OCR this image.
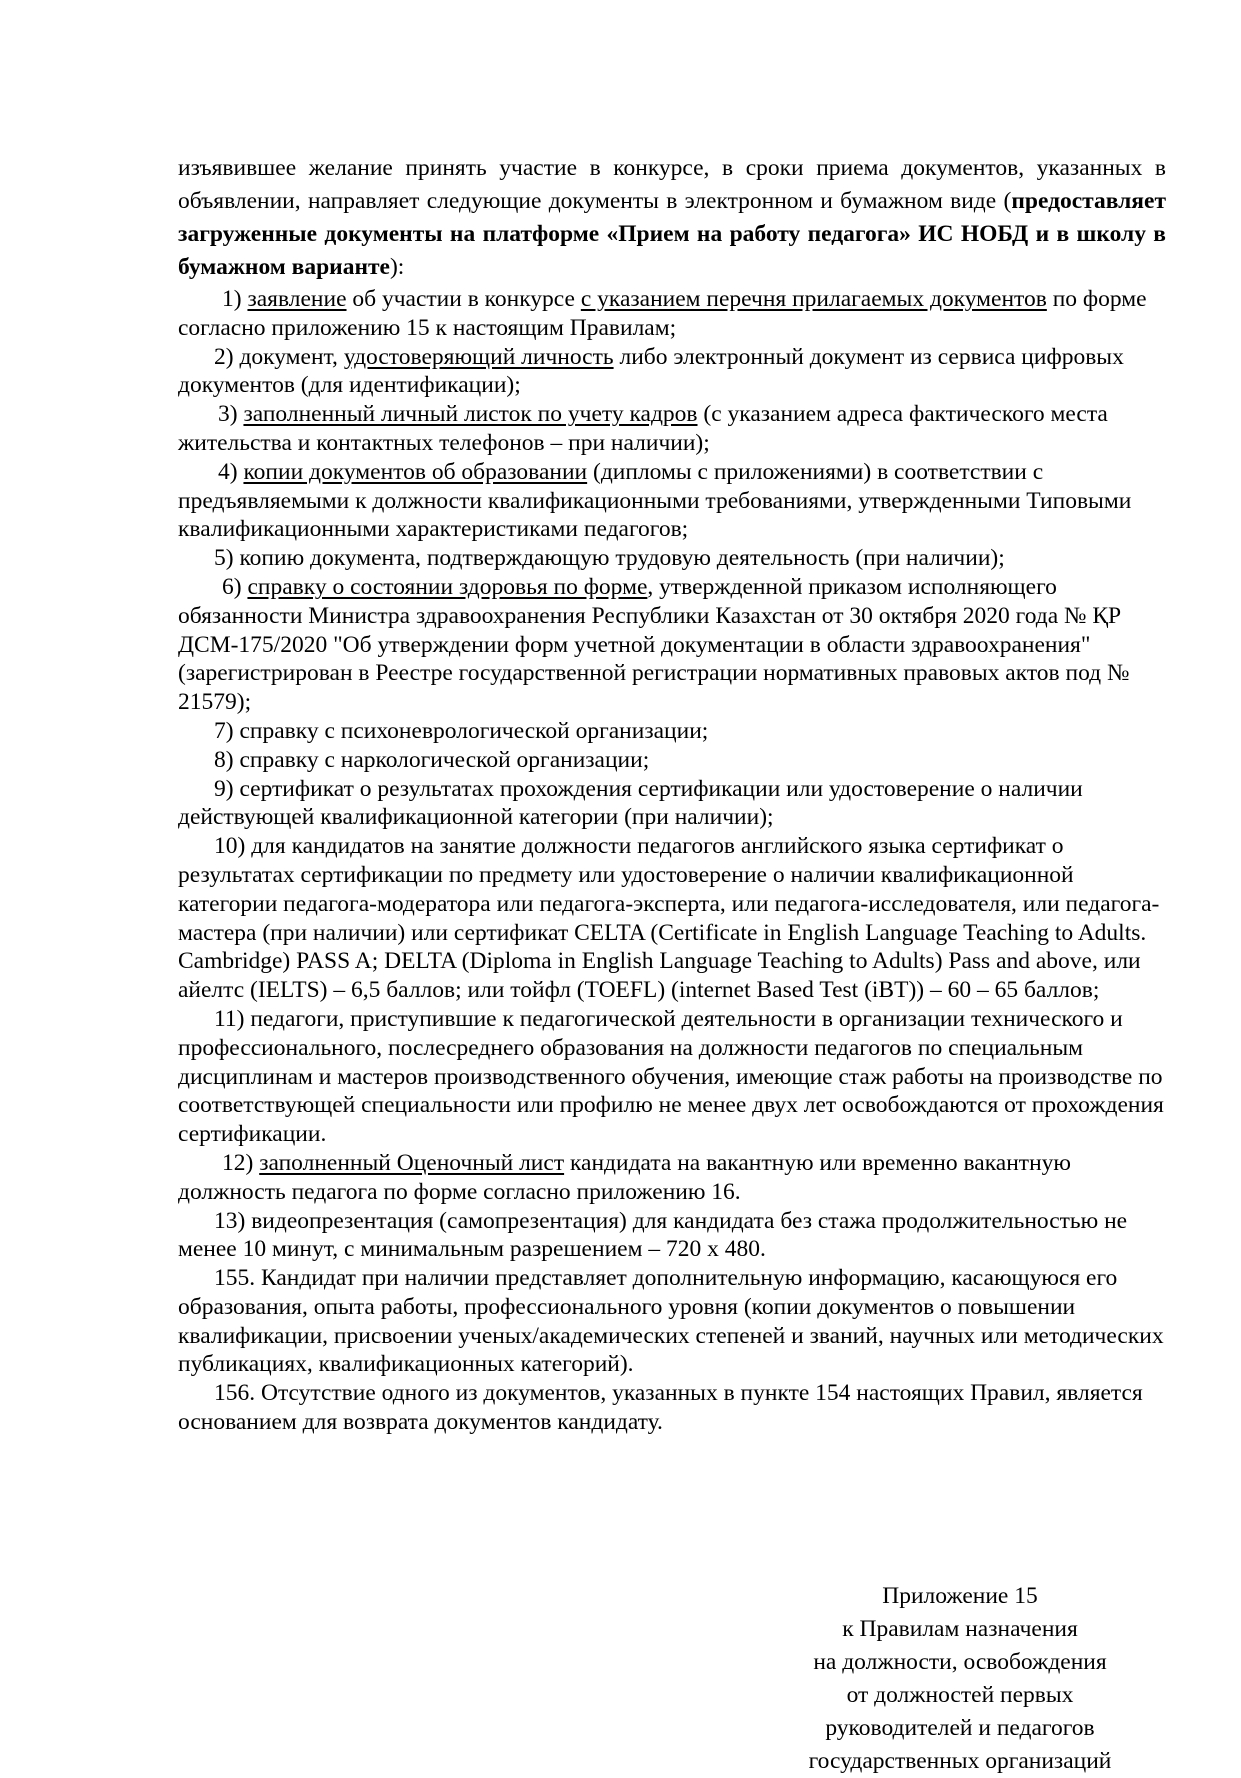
изъявившее желание принять участие в конкурсе, в сроки приема документов, указанных в объявлении, направляет следующие документы в электронном и бумажном виде (предоставляет загруженные документы на платформе «Прием на работу педагога» ИС НОБД и в школу в бумажном варианте):

1) заявление об участии в конкурсе с указанием перечня прилагаемых документов по форме согласно приложению 15 к настоящим Правилам;
2) документ, удостоверяющий личность либо электронный документ из сервиса цифровых документов (для идентификации);
3) заполненный личный листок по учету кадров (с указанием адреса фактического места жительства и контактных телефонов – при наличии);
4) копии документов об образовании (дипломы с приложениями) в соответствии с предъявляемыми к должности квалификационными требованиями, утвержденными Типовыми квалификационными характеристиками педагогов;
5) копию документа, подтверждающую трудовую деятельность (при наличии);
6) справку о состоянии здоровья по форме, утвержденной приказом исполняющего обязанности Министра здравоохранения Республики Казахстан от 30 октября 2020 года № ҚР ДСМ-175/2020 "Об утверждении форм учетной документации в области здравоохранения" (зарегистрирован в Реестре государственной регистрации нормативных правовых актов под № 21579);
7) справку с психоневрологической организации;
8) справку с наркологической организации;
9) сертификат о результатах прохождения сертификации или удостоверение о наличии действующей квалификационной категории (при наличии);
10) для кандидатов на занятие должности педагогов английского языка сертификат о результатах сертификации по предмету или удостоверение о наличии квалификационной категории педагога-модератора или педагога-эксперта, или педагога-исследователя, или педагога-мастера (при наличии) или сертификат CELTA (Certificate in English Language Teaching to Adults. Cambridge) PASS A; DELTA (Diploma in English Language Teaching to Adults) Pass and above, или айелтс (IELTS) – 6,5 баллов; или тойфл (TOEFL) (internet Based Test (iBT)) – 60 – 65 баллов;
11) педагоги, приступившие к педагогической деятельности в организации технического и профессионального, послесреднего образования на должности педагогов по специальным дисциплинам и мастеров производственного обучения, имеющие стаж работы на производстве по соответствующей специальности или профилю не менее двух лет освобождаются от прохождения сертификации.
12) заполненный Оценочный лист кандидата на вакантную или временно вакантную должность педагога по форме согласно приложению 16.
13) видеопрезентация (самопрезентация) для кандидата без стажа продолжительностью не менее 10 минут, с минимальным разрешением – 720 x 480.
155. Кандидат при наличии представляет дополнительную информацию, касающуюся его образования, опыта работы, профессионального уровня (копии документов о повышении квалификации, присвоении ученых/академических степеней и званий, научных или методических публикациях, квалификационных категорий).
156. Отсутствие одного из документов, указанных в пункте 154 настоящих Правил, является основанием для возврата документов кандидату.
Приложение 15
к Правилам назначения
на должности, освобождения
от должностей первых
руководителей и педагогов
государственных организаций
